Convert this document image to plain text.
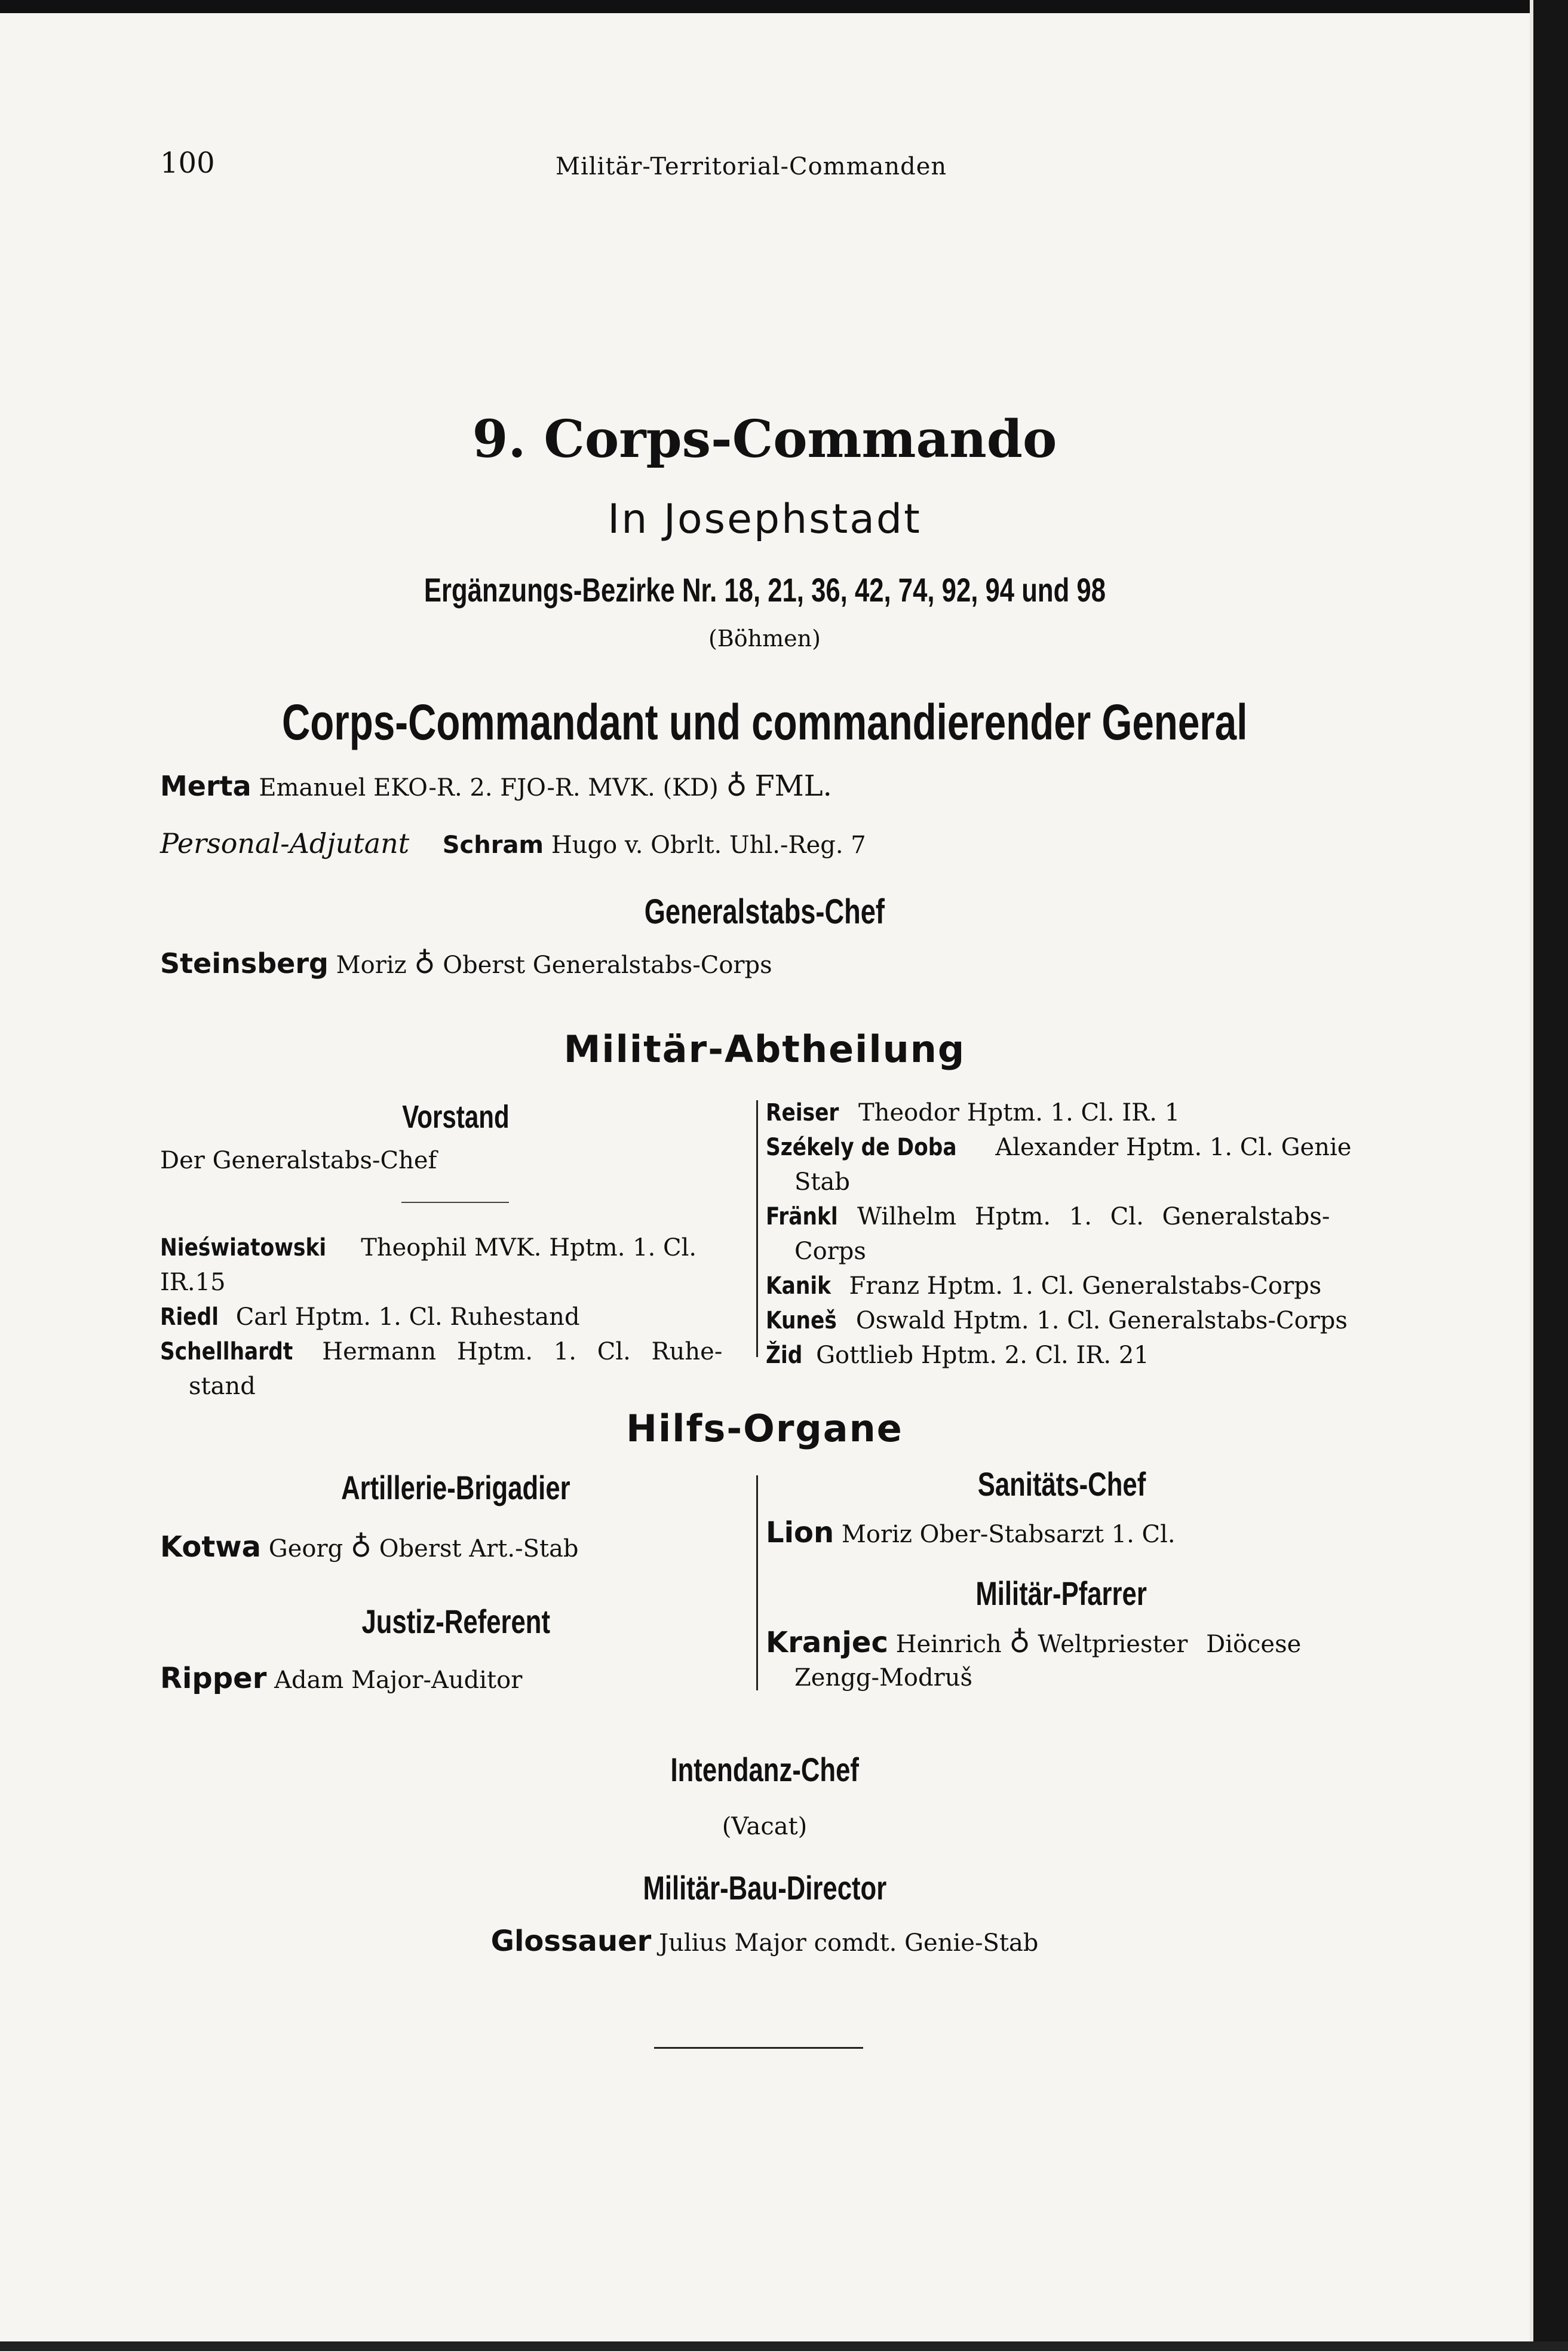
100	Militär-Territorial-Commanden
9. Corps-Commando
In Josephstadt
Ergänzungs-Bezirke Nr. 18, 21, 36, 42, 74, 92, 94 und 98
(Böhmen)
Corps-Commandant und commandierender General
Merta Emanuel EKO-R. 2. FJO-R. MVK. (KD) ♁ FML.
Personal-Adjutant Schram Hugo v. Obrlt. Uhl.-Reg. 7
Generalstabs-Chef
Steinsberg Moriz ♁ Oberst Generalstabs-Corps
Militär-Abtheilung
Vorstand
Der Generalstabs-Chef
Nieświatowski Theophil MVK. Hptm. 1. Cl. IR.15
Riedl Carl Hptm. 1. Cl. Ruhestand
Schellhardt Hermann Hptm. 1. Cl. Ruhe-
stand
Reiser Theodor Hptm. 1. Cl. IR. 1
Székely de Doba Alexander Hptm. 1. Cl. Genie
Stab
Fränkl Wilhelm Hptm. 1. Cl. Generalstabs-
Corps
Kanik Franz Hptm. 1. Cl. Generalstabs-Corps
Kuneš Oswald Hptm. 1. Cl. Generalstabs-Corps
Žid Gottlieb Hptm. 2. Cl. IR. 21
Hilfs-Organe
Artillerie-Brigadier
Kotwa Georg ♁ Oberst Art.-Stab
Justiz-Referent
Ripper Adam Major-Auditor
Sanitäts-Chef
Lion Moriz Ober-Stabsarzt 1. Cl.
Militär-Pfarrer
Kranjec Heinrich ♁ Weltpriester Diöcese
Zengg-Modruš
Intendanz-Chef
(Vacat)
Militär-Bau-Director
Glossauer Julius Major comdt. Genie-Stab
